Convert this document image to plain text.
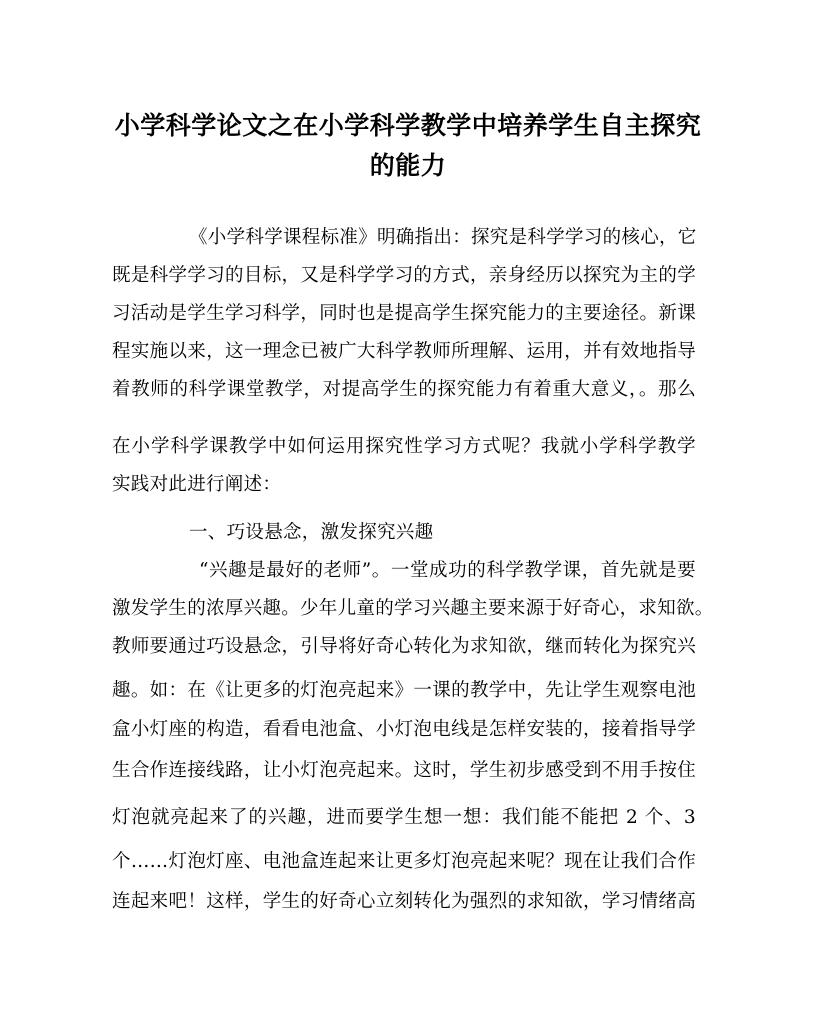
小学科学论文之在小学科学教学中培养学生自主探究
的能力
《小学科学课程标准》明确指出：探究是科学学习的核心，它
既是科学学习的目标，又是科学学习的方式，亲身经历以探究为主的学
习活动是学生学习科学，同时也是提高学生探究能力的主要途径。新课
程实施以来，这一理念已被广大科学教师所理解、运用，并有效地指导
着教师的科学课堂教学，对提高学生的探究能力有着重大意义，。那么
在小学科学课教学中如何运用探究性学习方式呢？我就小学科学教学
实践对此进行阐述：
一、巧设悬念，激发探究兴趣
“兴趣是最好的老师”。一堂成功的科学教学课，首先就是要
激发学生的浓厚兴趣。少年儿童的学习兴趣主要来源于好奇心，求知欲。
教师要通过巧设悬念，引导将好奇心转化为求知欲，继而转化为探究兴
趣。如：在《让更多的灯泡亮起来》一课的教学中，先让学生观察电池
盒小灯座的构造，看看电池盒、小灯泡电线是怎样安装的，接着指导学
生合作连接线路，让小灯泡亮起来。这时，学生初步感受到不用手按住
灯泡就亮起来了的兴趣，进而要学生想一想：我们能不能把 2 个、3
个……灯泡灯座、电池盒连起来让更多灯泡亮起来呢？现在让我们合作
连起来吧！这样，学生的好奇心立刻转化为强烈的求知欲，学习情绪高
